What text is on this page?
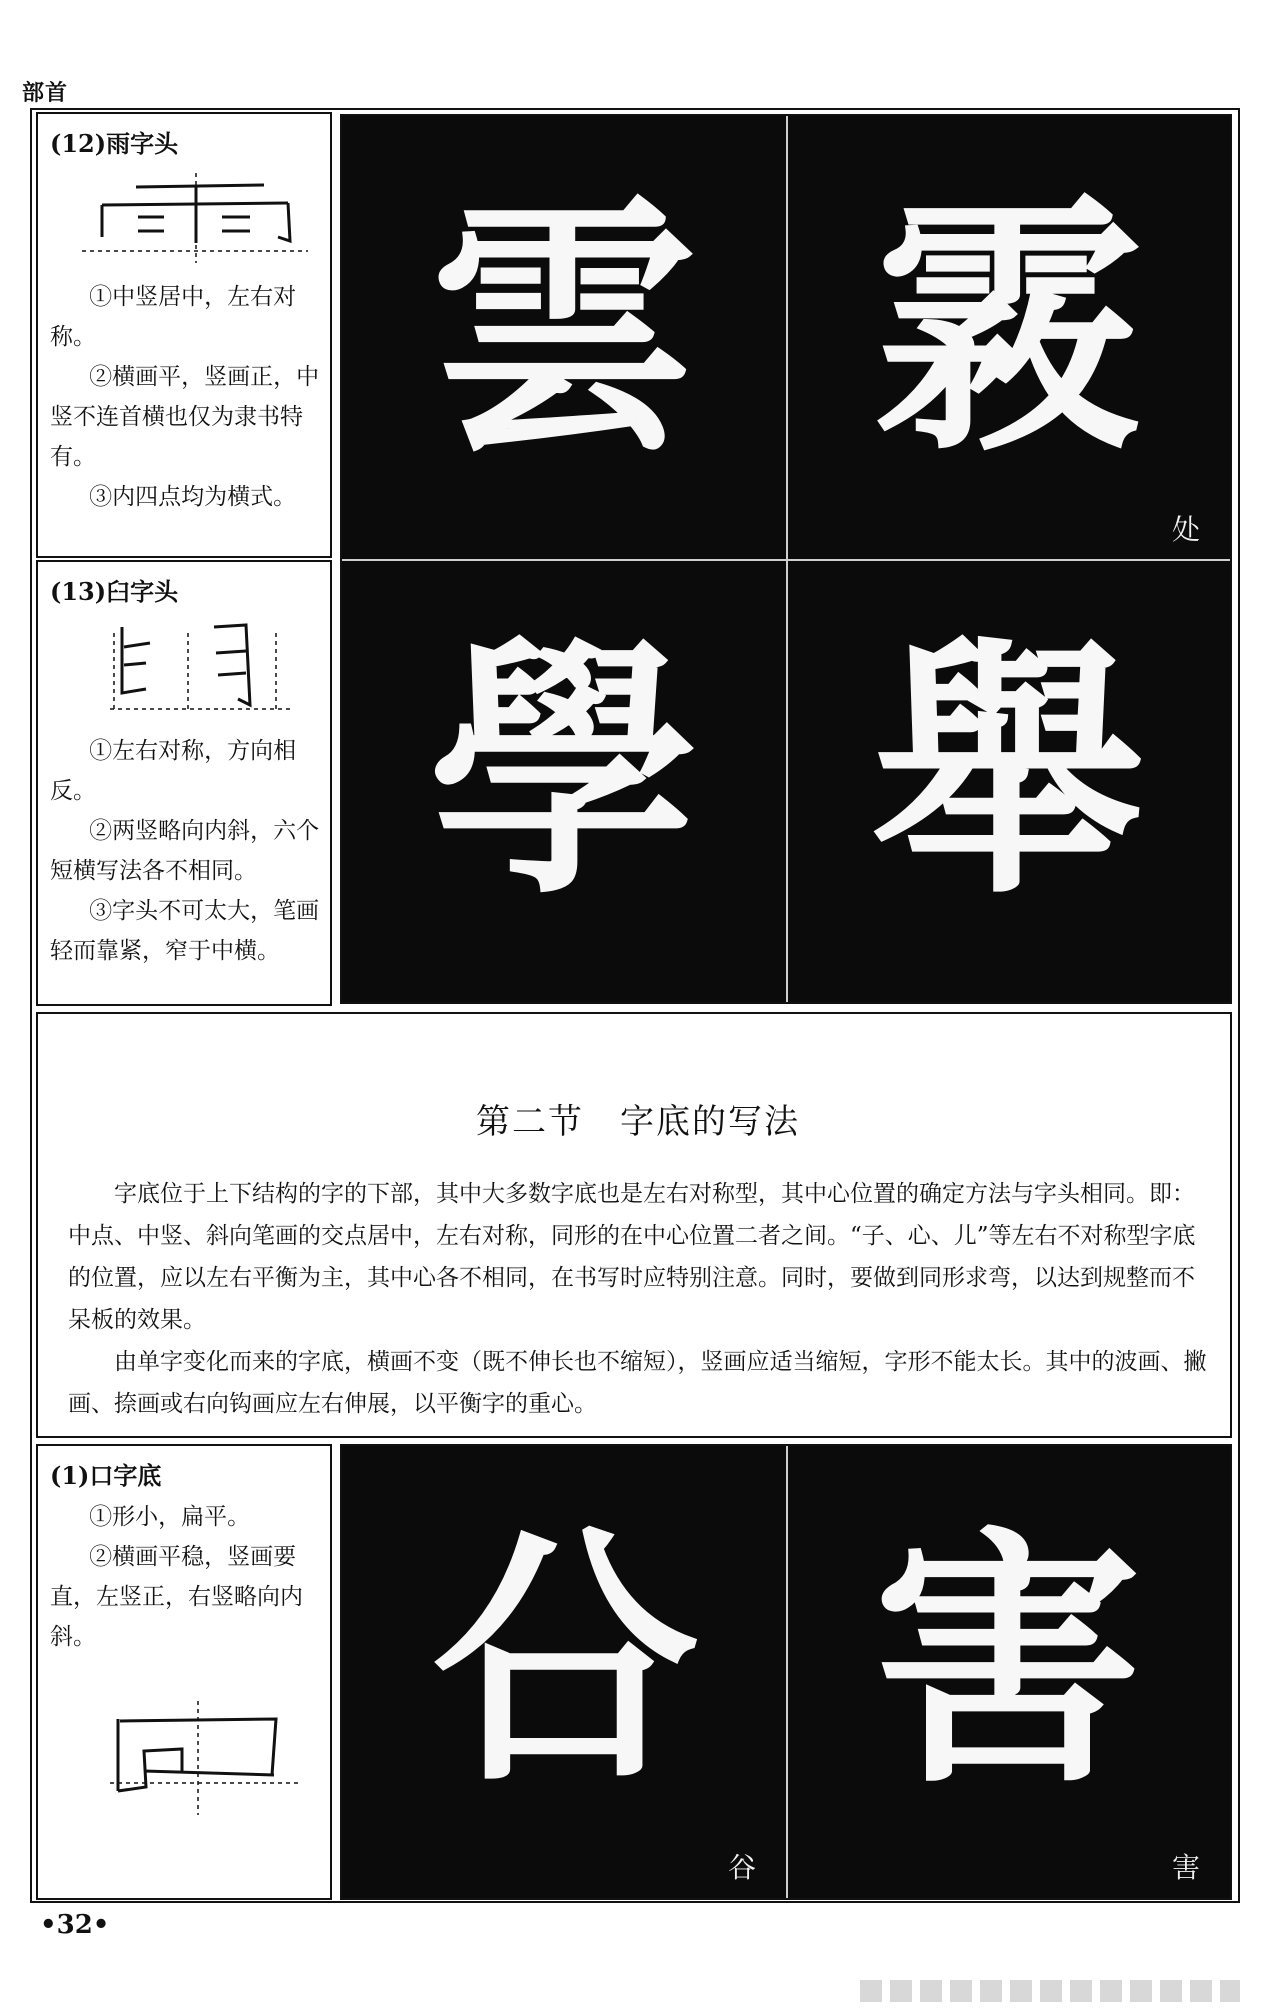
部首
(12)雨字头

①中竖居中，左右对称。

②横画平，竖画正，中竖不连首横也仅为隶书特有。

③内四点均为横式。

(13)臼字头

①左右对称，方向相反。

②两竖略向内斜，六个短横写法各不相同。

③字头不可太大，笔画轻而靠紧，窄于中横。

雲 霚
处
學 舉
第二节　字底的写法

字底位于上下结构的字的下部，其中大多数字底也是左右对称型，其中心位置的确定方法与字头相同。即：中点、中竖、斜向笔画的交点居中，左右对称，同形的在中心位置二者之间。“子、心、儿”等左右不对称型字底的位置，应以左右平衡为主，其中心各不相同，在书写时应特别注意。同时，要做到同形求弯，以达到规整而不呆板的效果。

由单字变化而来的字底，横画不变（既不伸长也不缩短），竖画应适当缩短，字形不能太长。其中的波画、撇画、捺画或右向钩画应左右伸展，以平衡字的重心。

(1)口字底

①形小，扁平。

②横画平稳，竖画要直，左竖正，右竖略向内斜。	㕣 害
谷	害
•32•
